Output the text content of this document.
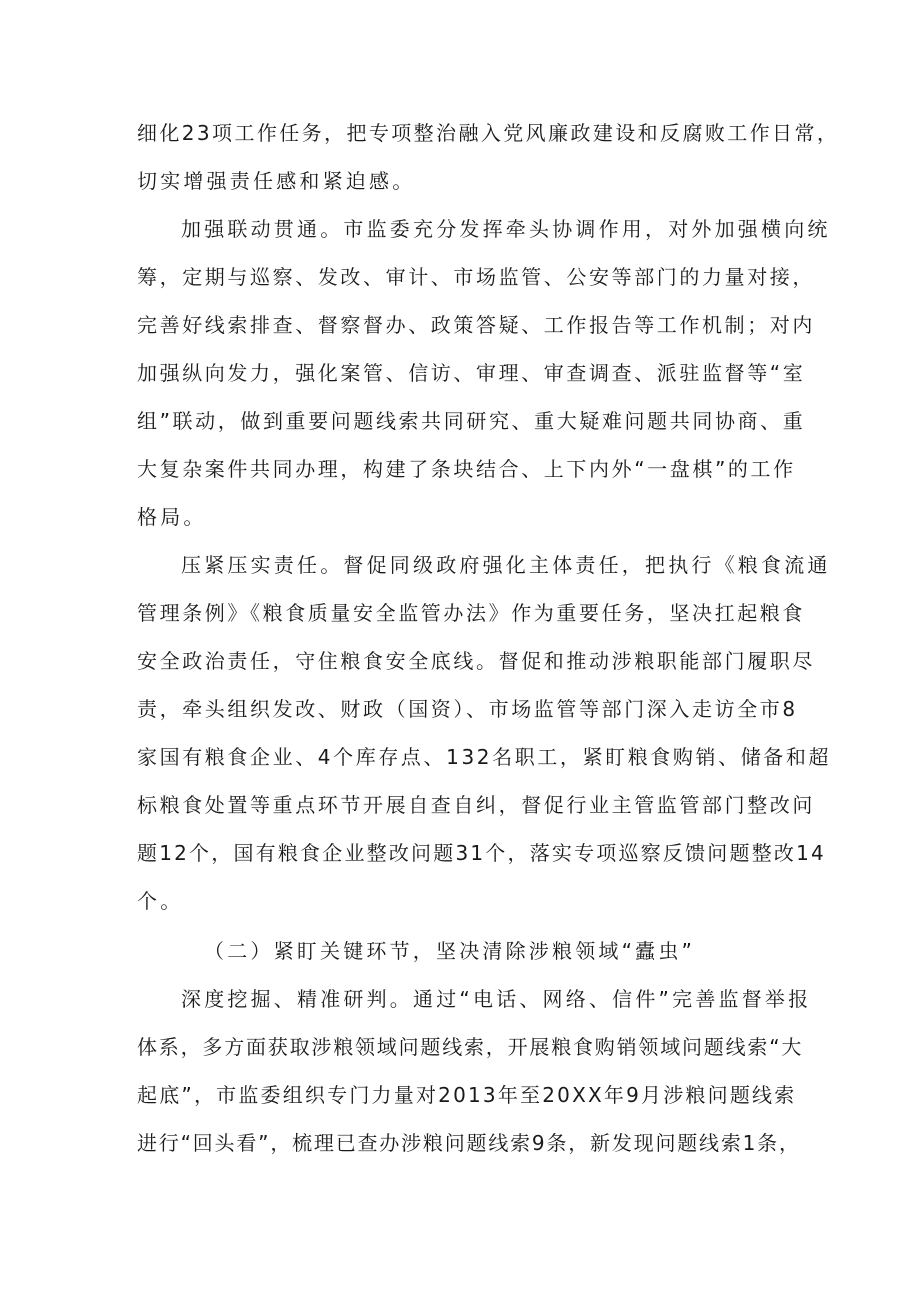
细化23项工作任务，把专项整治融入党风廉政建设和反腐败工作日常，
切实增强责任感和紧迫感。
加强联动贯通。市监委充分发挥牵头协调作用，对外加强横向统
筹，定期与巡察、发改、审计、市场监管、公安等部门的力量对接，
完善好线索排查、督察督办、政策答疑、工作报告等工作机制；对内
加强纵向发力，强化案管、信访、审理、审查调查、派驻监督等“室
组”联动，做到重要问题线索共同研究、重大疑难问题共同协商、重
大复杂案件共同办理，构建了条块结合、上下内外“一盘棋”的工作
格局。
压紧压实责任。督促同级政府强化主体责任，把执行《粮食流通
管理条例》《粮食质量安全监管办法》作为重要任务，坚决扛起粮食
安全政治责任，守住粮食安全底线。督促和推动涉粮职能部门履职尽
责，牵头组织发改、财政（国资）、市场监管等部门深入走访全市8
家国有粮食企业、4个库存点、132名职工，紧盯粮食购销、储备和超
标粮食处置等重点环节开展自查自纠，督促行业主管监管部门整改问
题12个，国有粮食企业整改问题31个，落实专项巡察反馈问题整改14
个。
（二）紧盯关键环节，坚决清除涉粮领域“蠹虫”
深度挖掘、精准研判。通过“电话、网络、信件”完善监督举报
体系，多方面获取涉粮领域问题线索，开展粮食购销领域问题线索“大
起底”，市监委组织专门力量对2013年至20XX年9月涉粮问题线索
进行“回头看”，梳理已查办涉粮问题线索9条，新发现问题线索1条，
